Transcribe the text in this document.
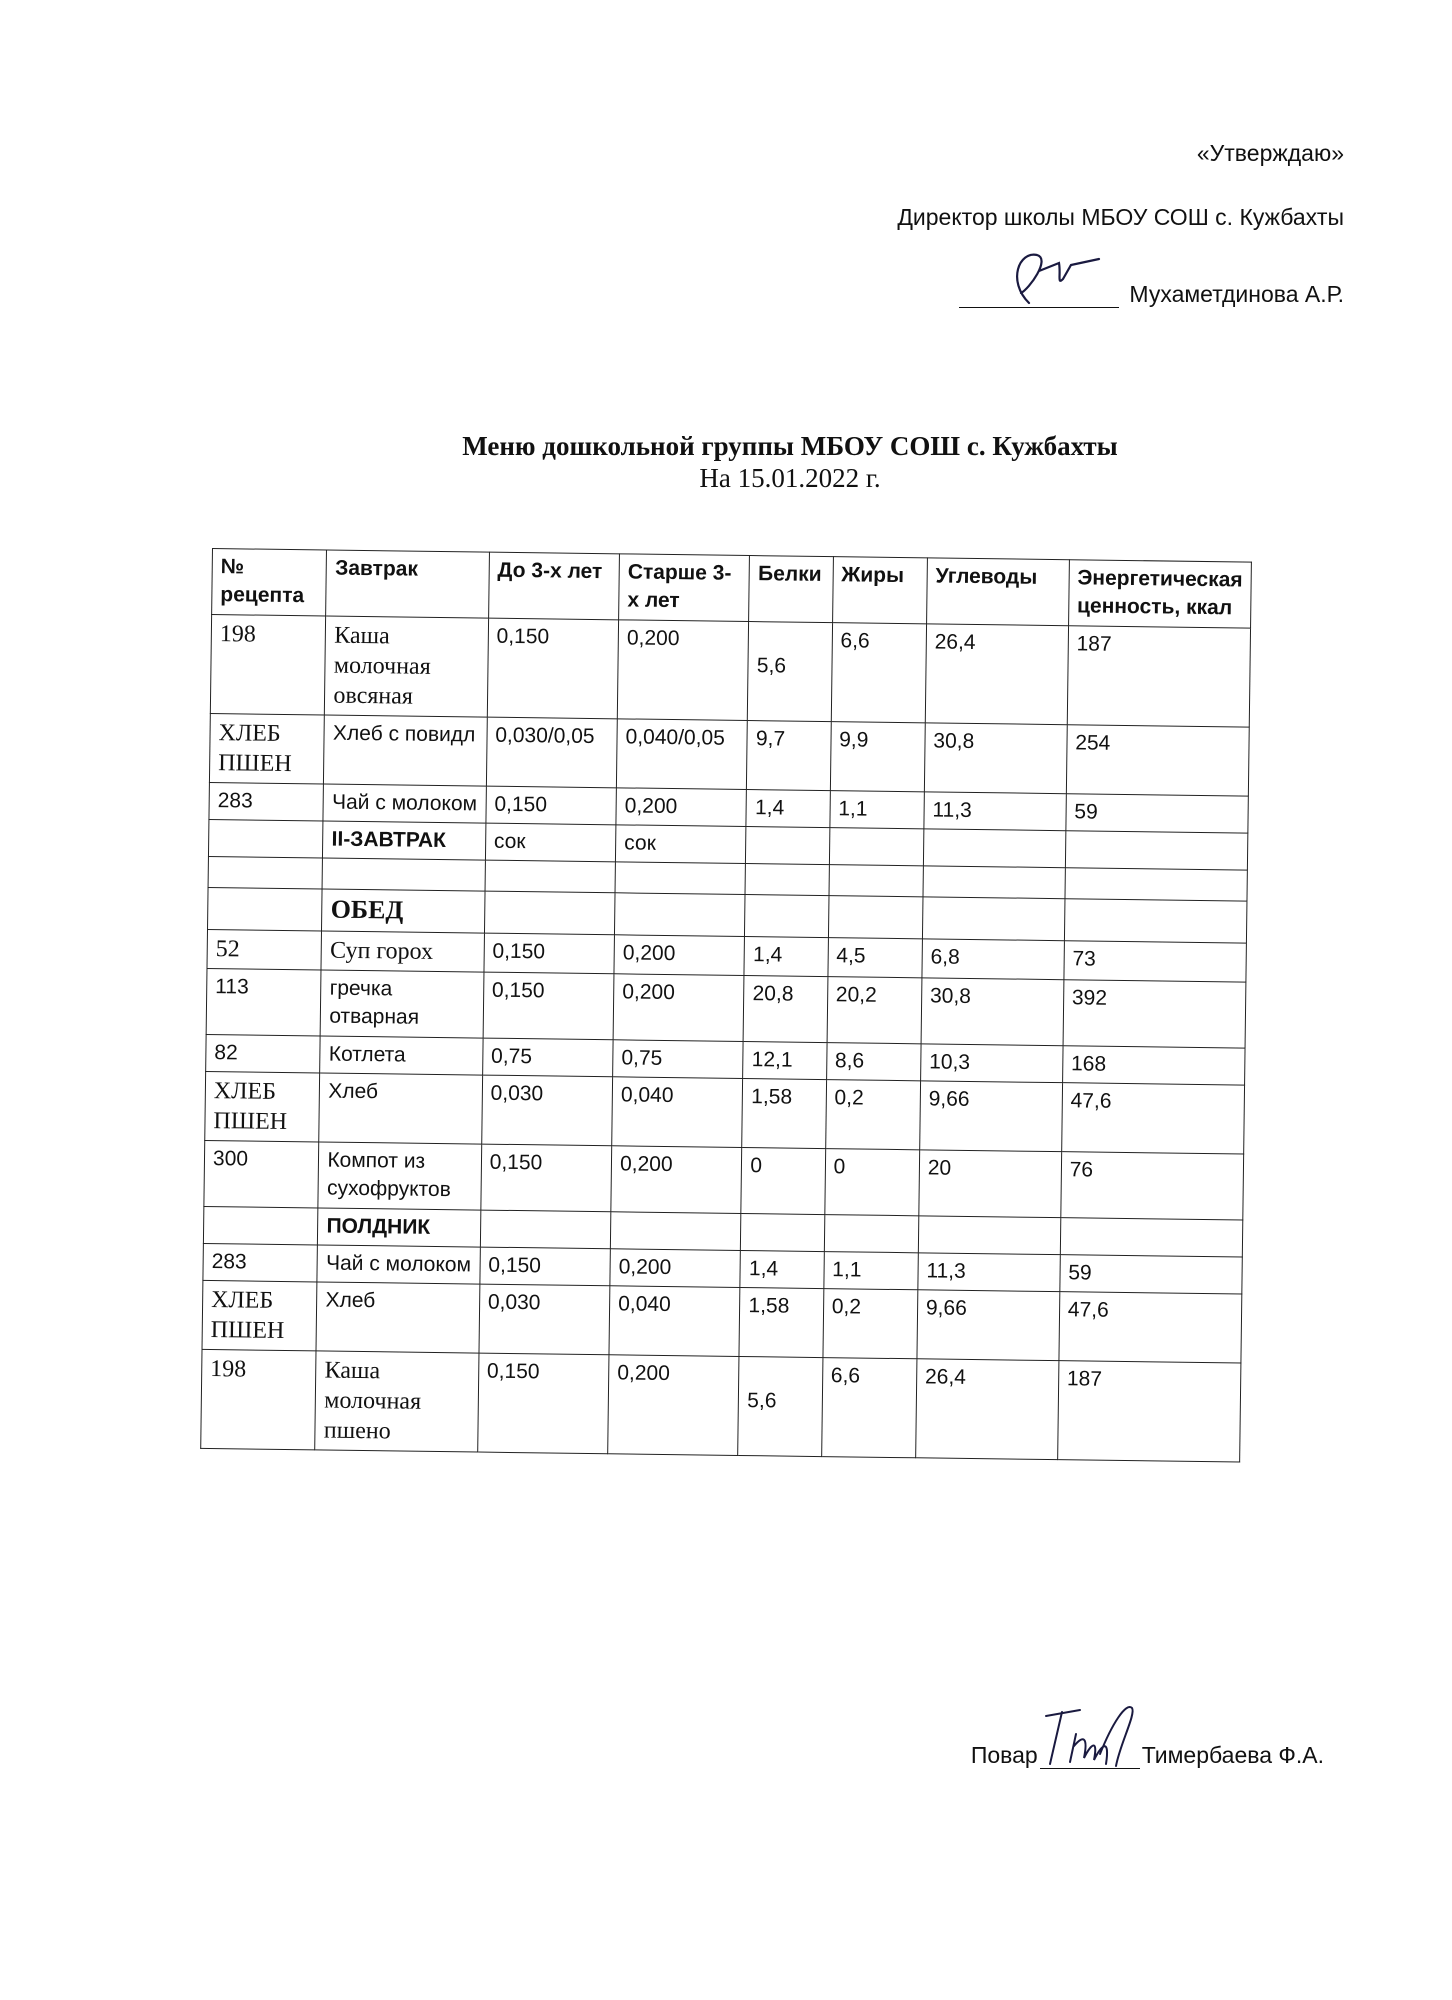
«Утверждаю»
Директор школы МБОУ СОШ с. Кужбахты
Мухаметдинова А.Р.
Меню дошкольной группы МБОУ СОШ с. Кужбахты
На 15.01.2022 г.
№ рецепта	Завтрак	До 3-х лет	Старше 3-х лет	Белки	Жиры	Углеводы	Энергетическая ценность, ккал
198	Каша молочная овсяная	0,150	0,200	5,6	6,6	26,4	187
ХЛЕБ ПШЕН	Хлеб с повидл	0,030/0,05	0,040/0,05	9,7	9,9	30,8	254
283	Чай с молоком	0,150	0,200	1,4	1,1	11,3	59
	II-ЗАВТРАК	сок	сок				

	ОБЕД						
52	Суп горох	0,150	0,200	1,4	4,5	6,8	73
113	гречка отварная	0,150	0,200	20,8	20,2	30,8	392
82	Котлета	0,75	0,75	12,1	8,6	10,3	168
ХЛЕБ ПШЕН	Хлеб	0,030	0,040	1,58	0,2	9,66	47,6
300	Компот из сухофруктов	0,150	0,200	0	0	20	76
	ПОЛДНИК						
283	Чай с молоком	0,150	0,200	1,4	1,1	11,3	59
ХЛЕБ ПШЕН	Хлеб	0,030	0,040	1,58	0,2	9,66	47,6
198	Каша молочная пшено	0,150	0,200	5,6	6,6	26,4	187
Повар	Тимербаева Ф.А.
